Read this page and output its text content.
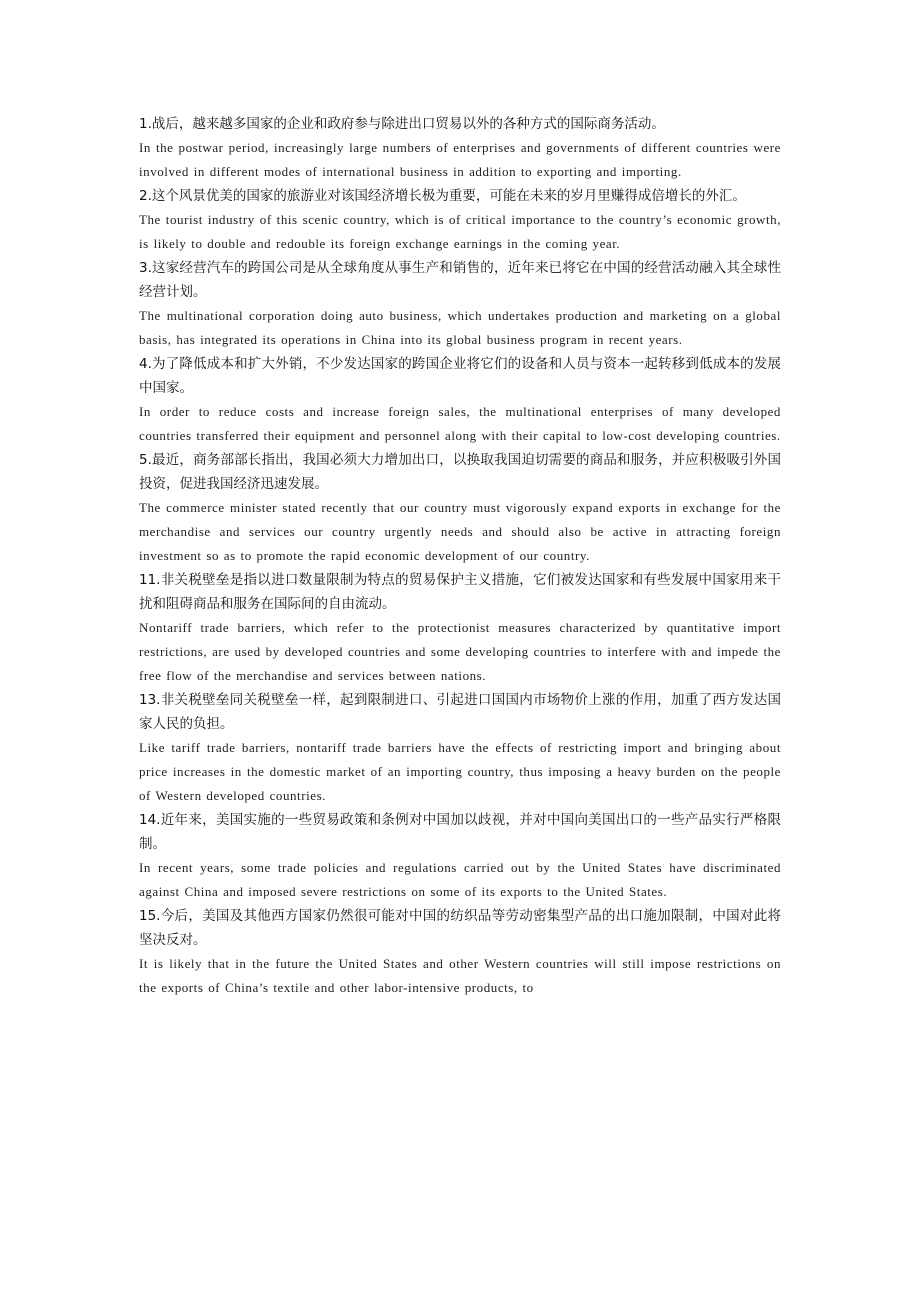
1.战后，越来越多国家的企业和政府参与除进出口贸易以外的各种方式的国际商务活动。

In the postwar period, increasingly large numbers of enterprises and governments of different countries were involved in different modes of international business in addition to exporting and importing.

2.这个风景优美的国家的旅游业对该国经济增长极为重要，可能在未来的岁月里赚得成倍增长的外汇。

The tourist industry of this scenic country, which is of critical importance to the country’s economic growth, is likely to double and redouble its foreign exchange earnings in the coming year.

3.这家经营汽车的跨国公司是从全球角度从事生产和销售的，近年来已将它在中国的经营活动融入其全球性经营计划。

The multinational corporation doing auto business, which undertakes production and marketing on a global basis, has integrated its operations in China into its global business program in recent years.

4.为了降低成本和扩大外销，不少发达国家的跨国企业将它们的设备和人员与资本一起转移到低成本的发展中国家。

In order to reduce costs and increase foreign sales, the multinational enterprises of many developed countries transferred their equipment and personnel along with their capital to low-cost developing countries.

5.最近，商务部部长指出，我国必须大力增加出口，以换取我国迫切需要的商品和服务，并应积极吸引外国投资，促进我国经济迅速发展。

The commerce minister stated recently that our country must vigorously expand exports in exchange for the merchandise and services our country urgently needs and should also be active in attracting foreign investment so as to promote the rapid economic development of our country.

11.非关税壁垒是指以进口数量限制为特点的贸易保护主义措施，它们被发达国家和有些发展中国家用来干扰和阻碍商品和服务在国际间的自由流动。

Nontariff trade barriers, which refer to the protectionist measures characterized by quantitative import restrictions, are used by developed countries and some developing countries to interfere with and impede the free flow of the merchandise and services between nations.

13.非关税壁垒同关税壁垒一样，起到限制进口、引起进口国国内市场物价上涨的作用，加重了西方发达国家人民的负担。

Like tariff trade barriers, nontariff trade barriers have the effects of restricting import and bringing about price increases in the domestic market of an importing country, thus imposing a heavy burden on the people of Western developed countries.

14.近年来，美国实施的一些贸易政策和条例对中国加以歧视，并对中国向美国出口的一些产品实行严格限制。

In recent years, some trade policies and regulations carried out by the United States have discriminated against China and imposed severe restrictions on some of its exports to the United States.

15.今后，美国及其他西方国家仍然很可能对中国的纺织品等劳动密集型产品的出口施加限制，中国对此将坚决反对。

It is likely that in the future the United States and other Western countries will still impose restrictions on the exports of China’s textile and other labor-intensive products, to
